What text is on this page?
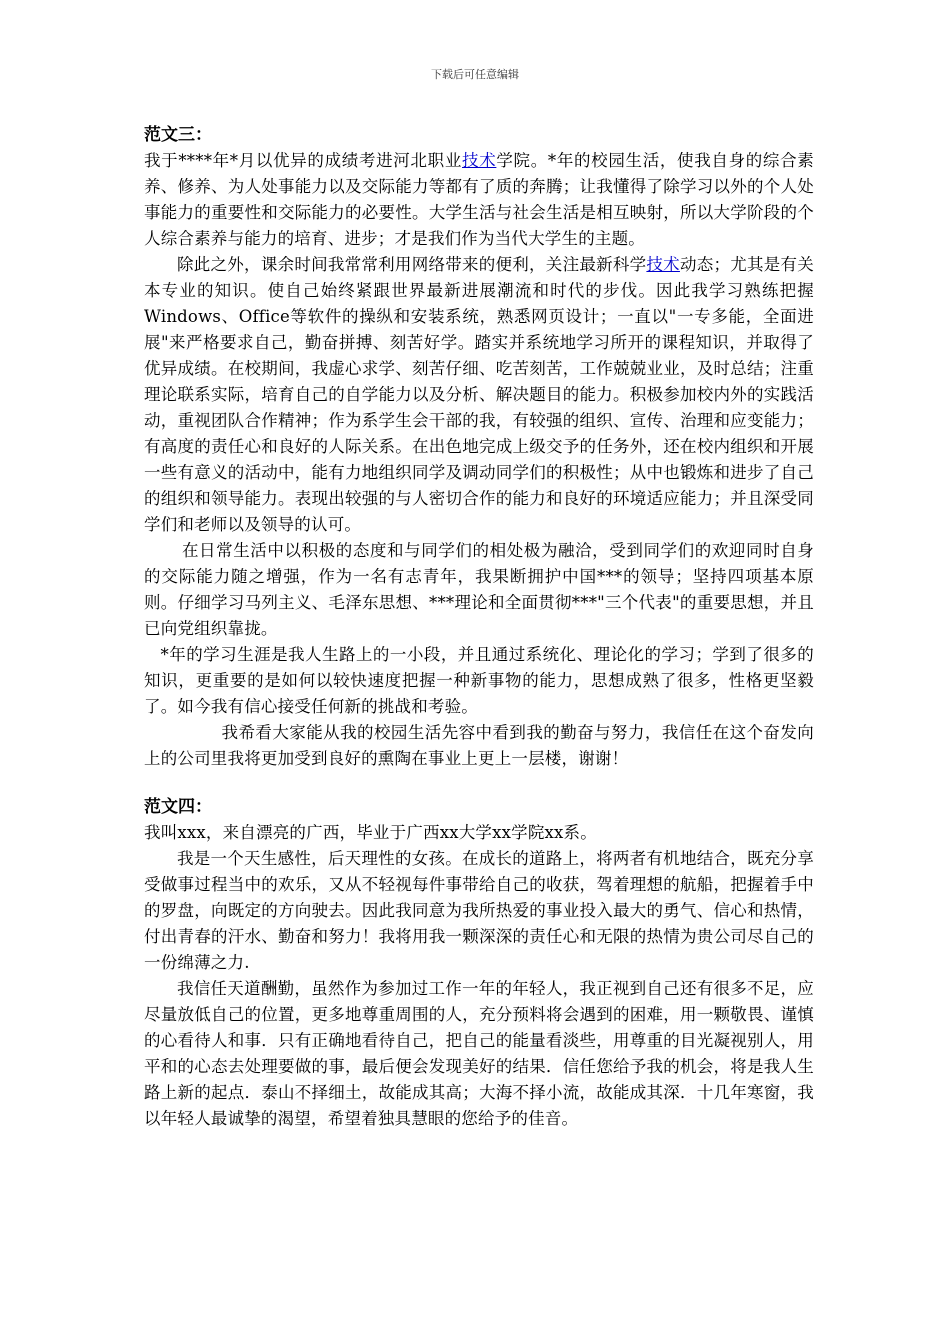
下载后可任意编辑
范文三：

我于****年*月以优异的成绩考进河北职业技术学院。*年的校园生活，使我自身的综合素养、修养、为人处事能力以及交际能力等都有了质的奔腾；让我懂得了除学习以外的个人处事能力的重要性和交际能力的必要性。大学生活与社会生活是相互映射，所以大学阶段的个人综合素养与能力的培育、进步；才是我们作为当代大学生的主题。

除此之外，课余时间我常常利用网络带来的便利，关注最新科学技术动态；尤其是有关本专业的知识。使自己始终紧跟世界最新进展潮流和时代的步伐。因此我学习熟练把握Windows、Office等软件的操纵和安装系统，熟悉网页设计；一直以"一专多能，全面进展"来严格要求自己，勤奋拼搏、刻苦好学。踏实并系统地学习所开的课程知识，并取得了优异成绩。在校期间，我虚心求学、刻苦仔细、吃苦刻苦，工作兢兢业业，及时总结；注重理论联系实际，培育自己的自学能力以及分析、解决题目的能力。积极参加校内外的实践活动，重视团队合作精神；作为系学生会干部的我，有较强的组织、宣传、治理和应变能力；有高度的责任心和良好的人际关系。在出色地完成上级交予的任务外，还在校内组织和开展一些有意义的活动中，能有力地组织同学及调动同学们的积极性；从中也锻炼和进步了自己的组织和领导能力。表现出较强的与人密切合作的能力和良好的环境适应能力；并且深受同学们和老师以及领导的认可。

在日常生活中以积极的态度和与同学们的相处极为融洽，受到同学们的欢迎同时自身的交际能力随之增强，作为一名有志青年，我果断拥护中国***的领导；坚持四项基本原则。仔细学习马列主义、毛泽东思想、***理论和全面贯彻***"三个代表"的重要思想，并且已向党组织靠拢。

*年的学习生涯是我人生路上的一小段，并且通过系统化、理论化的学习；学到了很多的知识，更重要的是如何以较快速度把握一种新事物的能力，思想成熟了很多，性格更坚毅了。如今我有信心接受任何新的挑战和考验。

我希看大家能从我的校园生活先容中看到我的勤奋与努力，我信任在这个奋发向上的公司里我将更加受到良好的熏陶在事业上更上一层楼，谢谢！

范文四：

我叫xxx，来自漂亮的广西，毕业于广西xx大学xx学院xx系。

我是一个天生感性，后天理性的女孩。在成长的道路上，将两者有机地结合，既充分享受做事过程当中的欢乐，又从不轻视每件事带给自己的收获，驾着理想的航船，把握着手中的罗盘，向既定的方向驶去。因此我同意为我所热爱的事业投入最大的勇气、信心和热情，付出青春的汗水、勤奋和努力！我将用我一颗深深的责任心和无限的热情为贵公司尽自己的一份绵薄之力.

我信任天道酬勤，虽然作为参加过工作一年的年轻人，我正视到自己还有很多不足，应尽量放低自己的位置，更多地尊重周围的人，充分预料将会遇到的困难，用一颗敬畏、谨慎的心看待人和事．只有正确地看待自己，把自己的能量看淡些，用尊重的目光凝视别人，用平和的心态去处理要做的事，最后便会发现美好的结果．信任您给予我的机会，将是我人生路上新的起点．泰山不择细土，故能成其高；大海不择小流，故能成其深．十几年寒窗，我以年轻人最诚挚的渴望，希望着独具慧眼的您给予的佳音。
